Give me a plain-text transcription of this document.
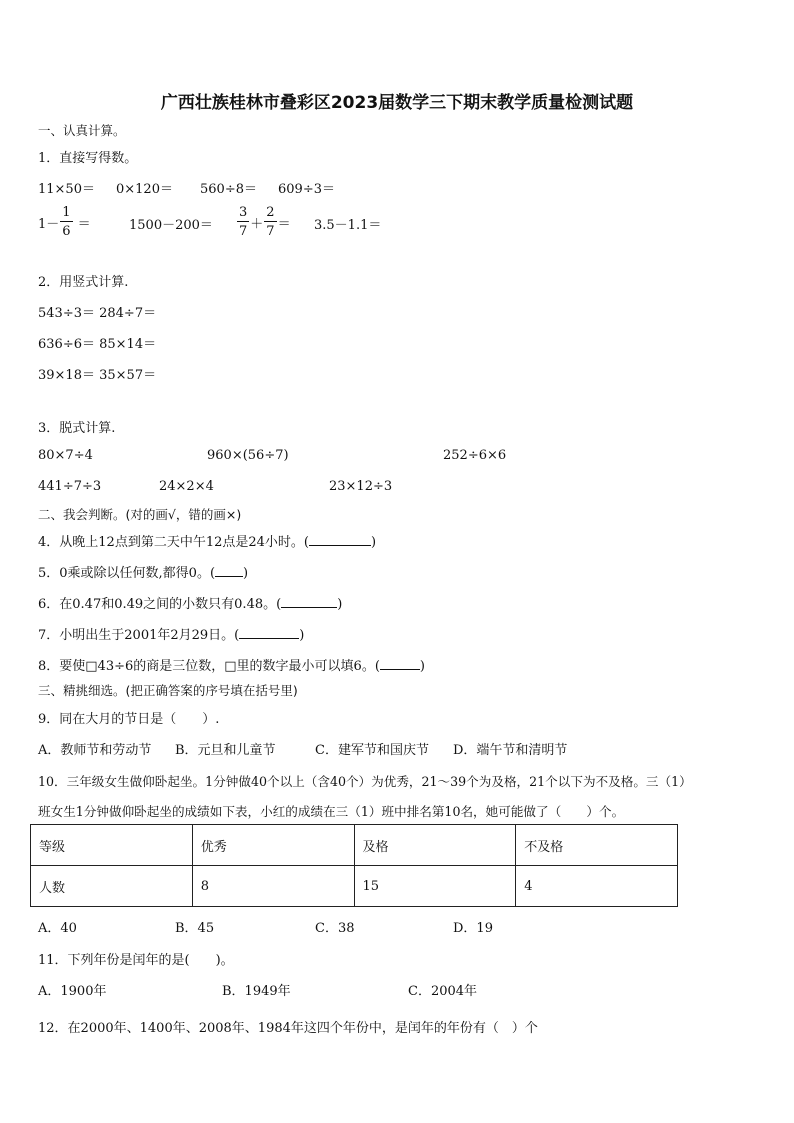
广西壮族桂林市叠彩区2023届数学三下期末教学质量检测试题
一、认真计算。
1．直接写得数。
11×50＝ 0×120＝ 560÷8＝ 609÷3＝
$1- \frac{1}{6}$ ＝	$1500-200= \frac{3}{7} + \frac{2}{7} = 3.5-1.1=$
2．用竖式计算.
543÷3＝ 284÷7＝
636÷6＝ 85×14＝
39×18＝ 35×57＝
3．脱式计算.
80×7÷4	960×(56÷7)	252÷6×6
441÷7÷3	24×2×4	23×12÷3
二、我会判断。(对的画√，错的画×)
4．从晚上12点到第二天中午12点是24小时。(	)
5．0乘或除以任何数,都得0。( )
6．在0.47和0.49之间的小数只有0.48。(	)
7．小明出生于2001年2月29日。(	)
8．要使□43÷6的商是三位数，□里的数字最小可以填6。(	)
三、精挑细选。(把正确答案的序号填在括号里)
9．同在大月的节日是（　　）.
A．教师节和劳动节 B．元旦和儿童节	C．建军节和国庆节 D．端午节和清明节
10．三年级女生做仰卧起坐。1分钟做40个以上（含40个）为优秀，21～39个为及格，21个以下为不及格。三（1）
班女生1分钟做仰卧起坐的成绩如下表，小红的成绩在三（1）班中排名第10名，她可能做了（　　）个。
等级	优秀	及格	不及格
人数	8	15	4
A．40	B．45	C．38	D．19
11．下列年份是闰年的是(　　)。
A．1900年	B．1949年	C．2004年
12．在2000年、1400年、2008年、1984年这四个年份中，是闰年的年份有（　）个
